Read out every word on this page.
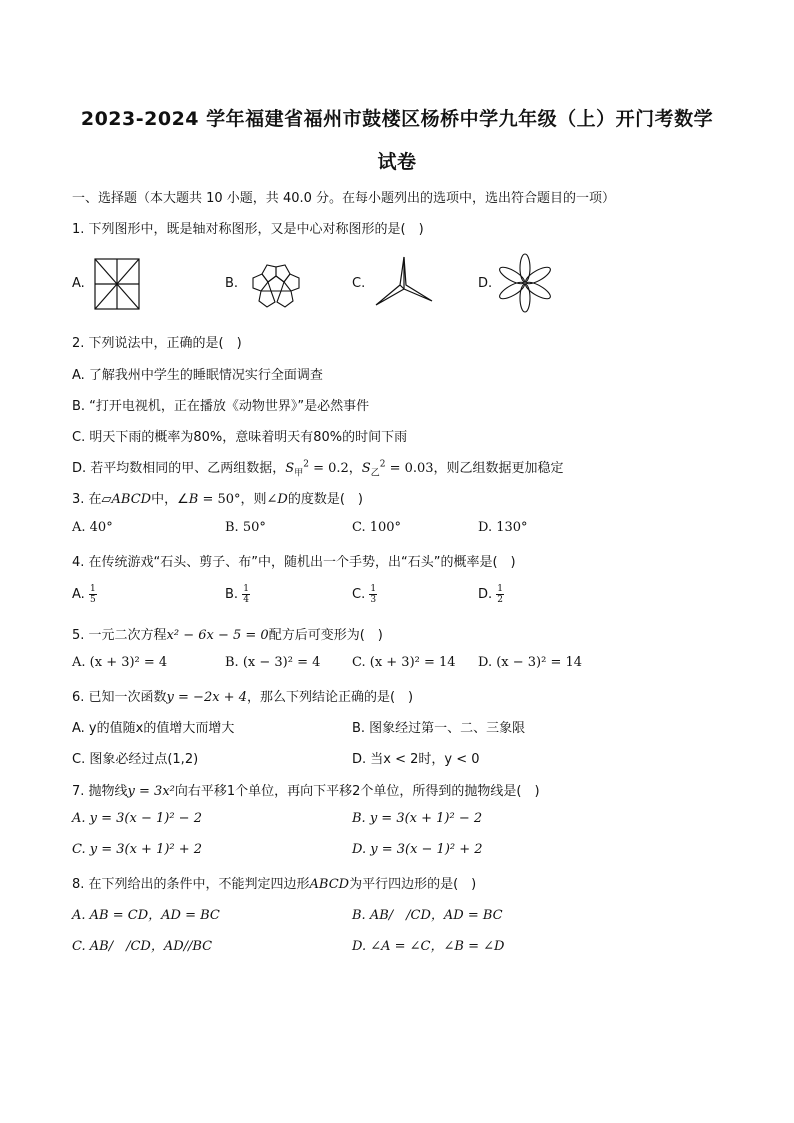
2023-2024 学年福建省福州市鼓楼区杨桥中学九年级（上）开门考数学
试卷
一、选择题（本大题共 10 小题，共 40.0 分。在每小题列出的选项中，选出符合题目的一项）
1. 下列图形中，既是轴对称图形，又是中心对称图形的是(　)
A.	B.	C.	D.
2. 下列说法中，正确的是(　)
A. 了解我州中学生的睡眠情况实行全面调查
B. “打开电视机，正在播放《动物世界》”是必然事件
C. 明天下雨的概率为80%，意味着明天有80%的时间下雨
D. 若平均数相同的甲、乙两组数据，$S_甲^2 = 0.2$，$S_乙^2 = 0.03$，则乙组数据更加稳定
3. 在▱ABCD中，∠B = 50°，则∠D的度数是(　)
A. 40°	B. 50°	C. 100°	D. 130°
4. 在传统游戏“石头、剪子、布”中，随机出一个手势，出“石头”的概率是(　)
A. $\frac{1}{5}$	B. $\frac{1}{4}$	C. $\frac{1}{3}$	D. $\frac{1}{2}$
5. 一元二次方程x² − 6x − 5 = 0配方后可变形为(　)
A. (x + 3)² = 4	B. (x − 3)² = 4 C. (x + 3)² = 14 D. (x − 3)² = 14
6. 已知一次函数y = −2x + 4，那么下列结论正确的是(　)
A. y的值随x的值增大而增大	B. 图象经过第一、二、三象限
C. 图象必经过点(1,2)	D. 当x < 2时，y < 0
7. 抛物线y = 3x²向右平移1个单位，再向下平移2个单位，所得到的抛物线是(　)
A. y = 3(x − 1)² − 2	B. y = 3(x + 1)² − 2
C. y = 3(x + 1)² + 2	D. y = 3(x − 1)² + 2
8. 在下列给出的条件中，不能判定四边形ABCD为平行四边形的是(　)
A. AB = CD，AD = BC	B. AB/　/CD，AD = BC
C. AB/　/CD，AD//BC	D. ∠A = ∠C，∠B = ∠D
